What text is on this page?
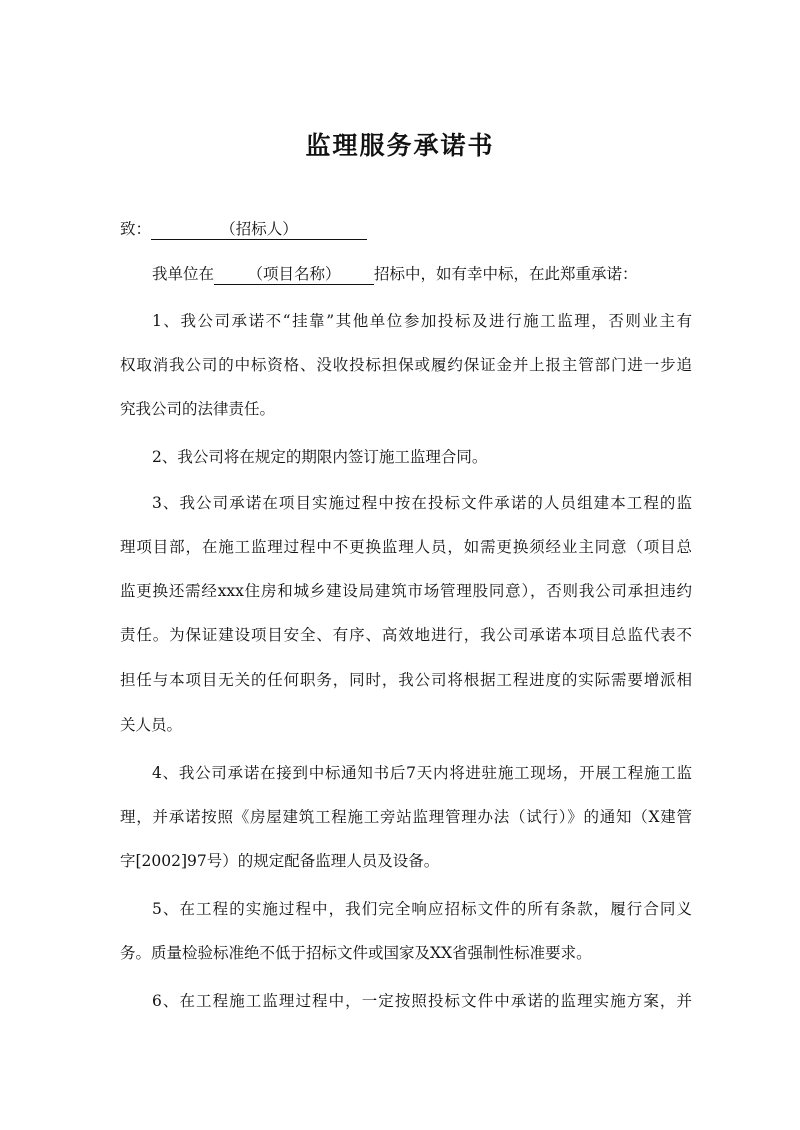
监理服务承诺书
致：	（招标人）
我单位在 （项目名称） 招标中，如有幸中标，在此郑重承诺：
1、我公司承诺不“挂靠”其他单位参加投标及进行施工监理，否则业主有
权取消我公司的中标资格、没收投标担保或履约保证金并上报主管部门进一步追
究我公司的法律责任。
2、我公司将在规定的期限内签订施工监理合同。
3、我公司承诺在项目实施过程中按在投标文件承诺的人员组建本工程的监
理项目部，在施工监理过程中不更换监理人员，如需更换须经业主同意（项目总
监更换还需经xxx住房和城乡建设局建筑市场管理股同意），否则我公司承担违约
责任。为保证建设项目安全、有序、高效地进行，我公司承诺本项目总监代表不
担任与本项目无关的任何职务，同时，我公司将根据工程进度的实际需要增派相
关人员。
4、我公司承诺在接到中标通知书后7天内将进驻施工现场，开展工程施工监
理，并承诺按照《房屋建筑工程施工旁站监理管理办法（试行）》的通知（X建管
字[2002]97号）的规定配备监理人员及设备。
5、在工程的实施过程中，我们完全响应招标文件的所有条款，履行合同义
务。质量检验标准绝不低于招标文件或国家及XX省强制性标准要求。
6、在工程施工监理过程中，一定按照投标文件中承诺的监理实施方案，并
